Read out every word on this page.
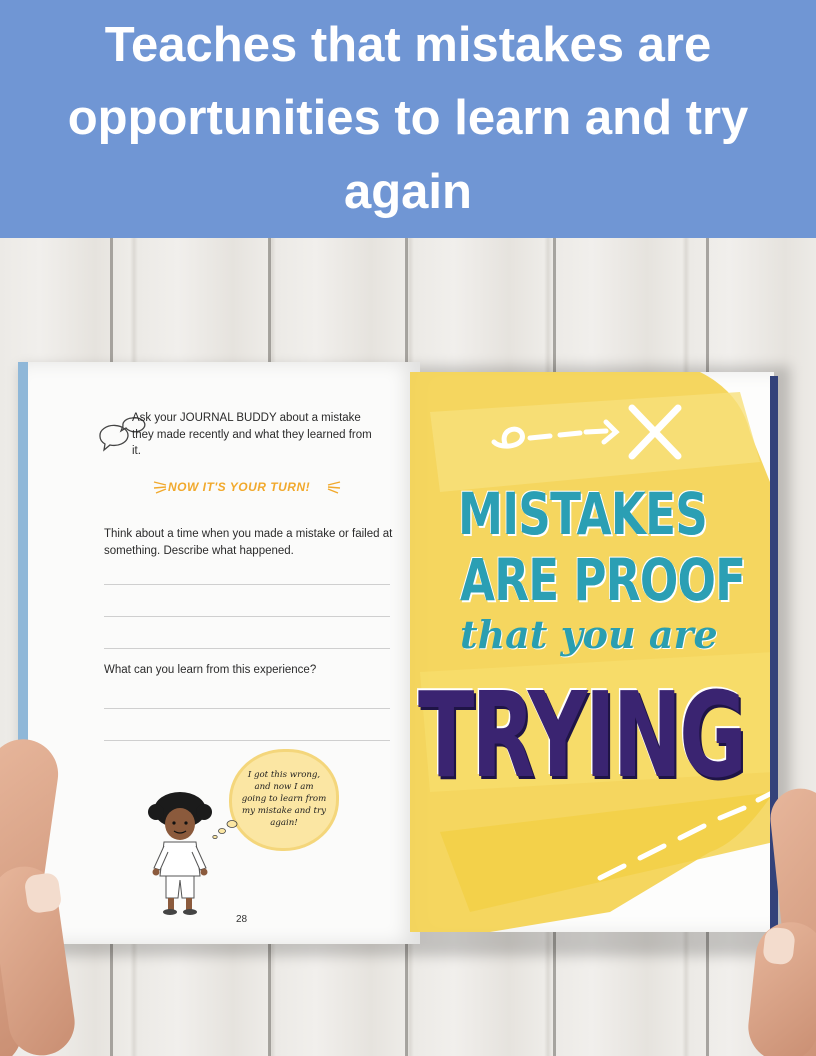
Teaches that mistakes are opportunities to learn and try again
Ask your JOURNAL BUDDY about a mistake they made recently and what they learned from it.
NOW IT'S YOUR TURN!
Think about a time when you made a mistake or failed at something. Describe what happened.
What can you learn from this experience?

I got this wrong, and now I am going to learn from my mistake and try again!

28
MISTAKES
ARE PROOF
that you are
TRYING
